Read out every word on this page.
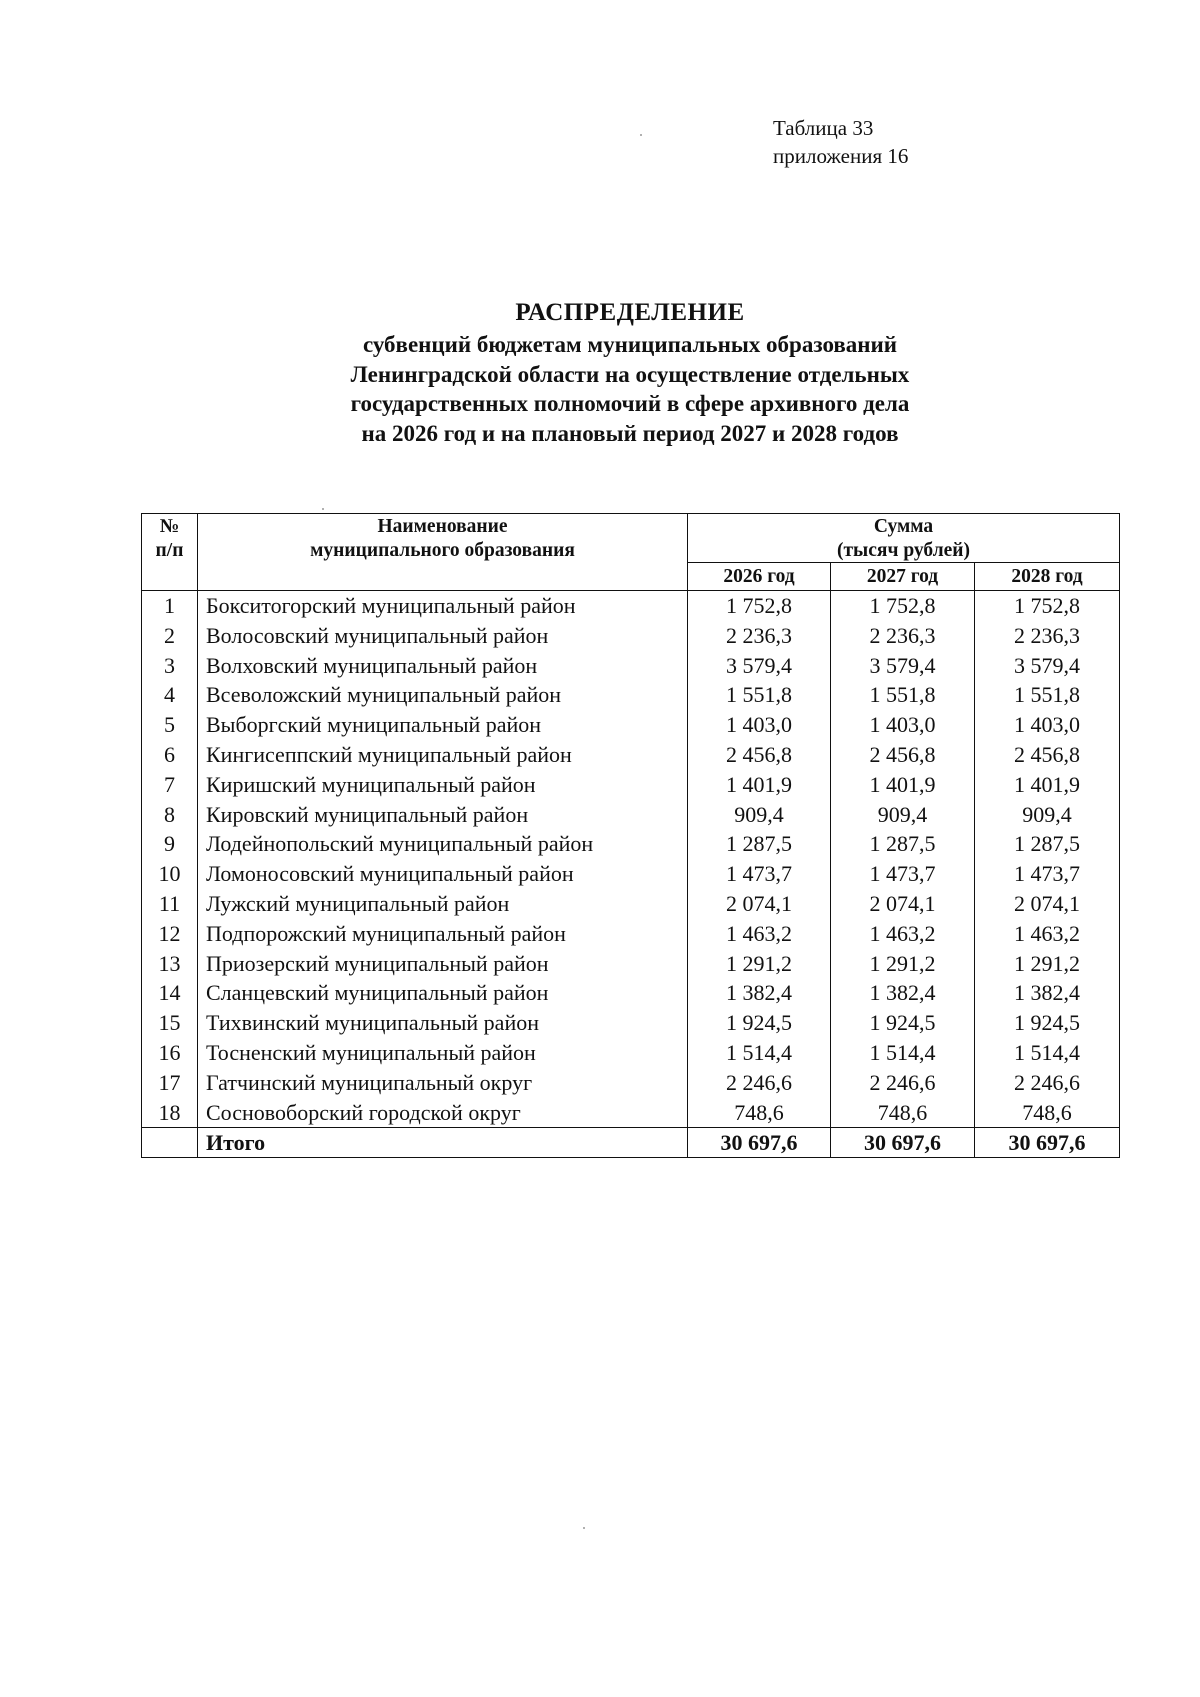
Таблица 33
приложения 16
РАСПРЕДЕЛЕНИЕ
субвенций бюджетам муниципальных образований
Ленинградской области на осуществление отдельных
государственных полномочий в сфере архивного дела
на 2026 год и на плановый период 2027 и 2028 годов
№	Наименование	Сумма		
п/п	муниципального образования	(тысяч рублей)		
		2026 год	2027 год	2028 год
1	Бокситогорский муниципальный район	1 752,8	1 752,8	1 752,8
2	Волосовский муниципальный район	2 236,3	2 236,3	2 236,3
3	Волховский муниципальный район	3 579,4	3 579,4	3 579,4
4	Всеволожский муниципальный район	1 551,8	1 551,8	1 551,8
5	Выборгский муниципальный район	1 403,0	1 403,0	1 403,0
6	Кингисеппский муниципальный район	2 456,8	2 456,8	2 456,8
7	Киришский муниципальный район	1 401,9	1 401,9	1 401,9
8	Кировский муниципальный район	909,4	909,4	909,4
9	Лодейнопольский муниципальный район	1 287,5	1 287,5	1 287,5
10	Ломоносовский муниципальный район	1 473,7	1 473,7	1 473,7
11	Лужский муниципальный район	2 074,1	2 074,1	2 074,1
12	Подпорожский муниципальный район	1 463,2	1 463,2	1 463,2
13	Приозерский муниципальный район	1 291,2	1 291,2	1 291,2
14	Сланцевский муниципальный район	1 382,4	1 382,4	1 382,4
15	Тихвинский муниципальный район	1 924,5	1 924,5	1 924,5
16	Тосненский муниципальный район	1 514,4	1 514,4	1 514,4
17	Гатчинский муниципальный округ	2 246,6	2 246,6	2 246,6
18	Сосновоборский городской округ	748,6	748,6	748,6
	Итого	30 697,6	30 697,6	30 697,6
